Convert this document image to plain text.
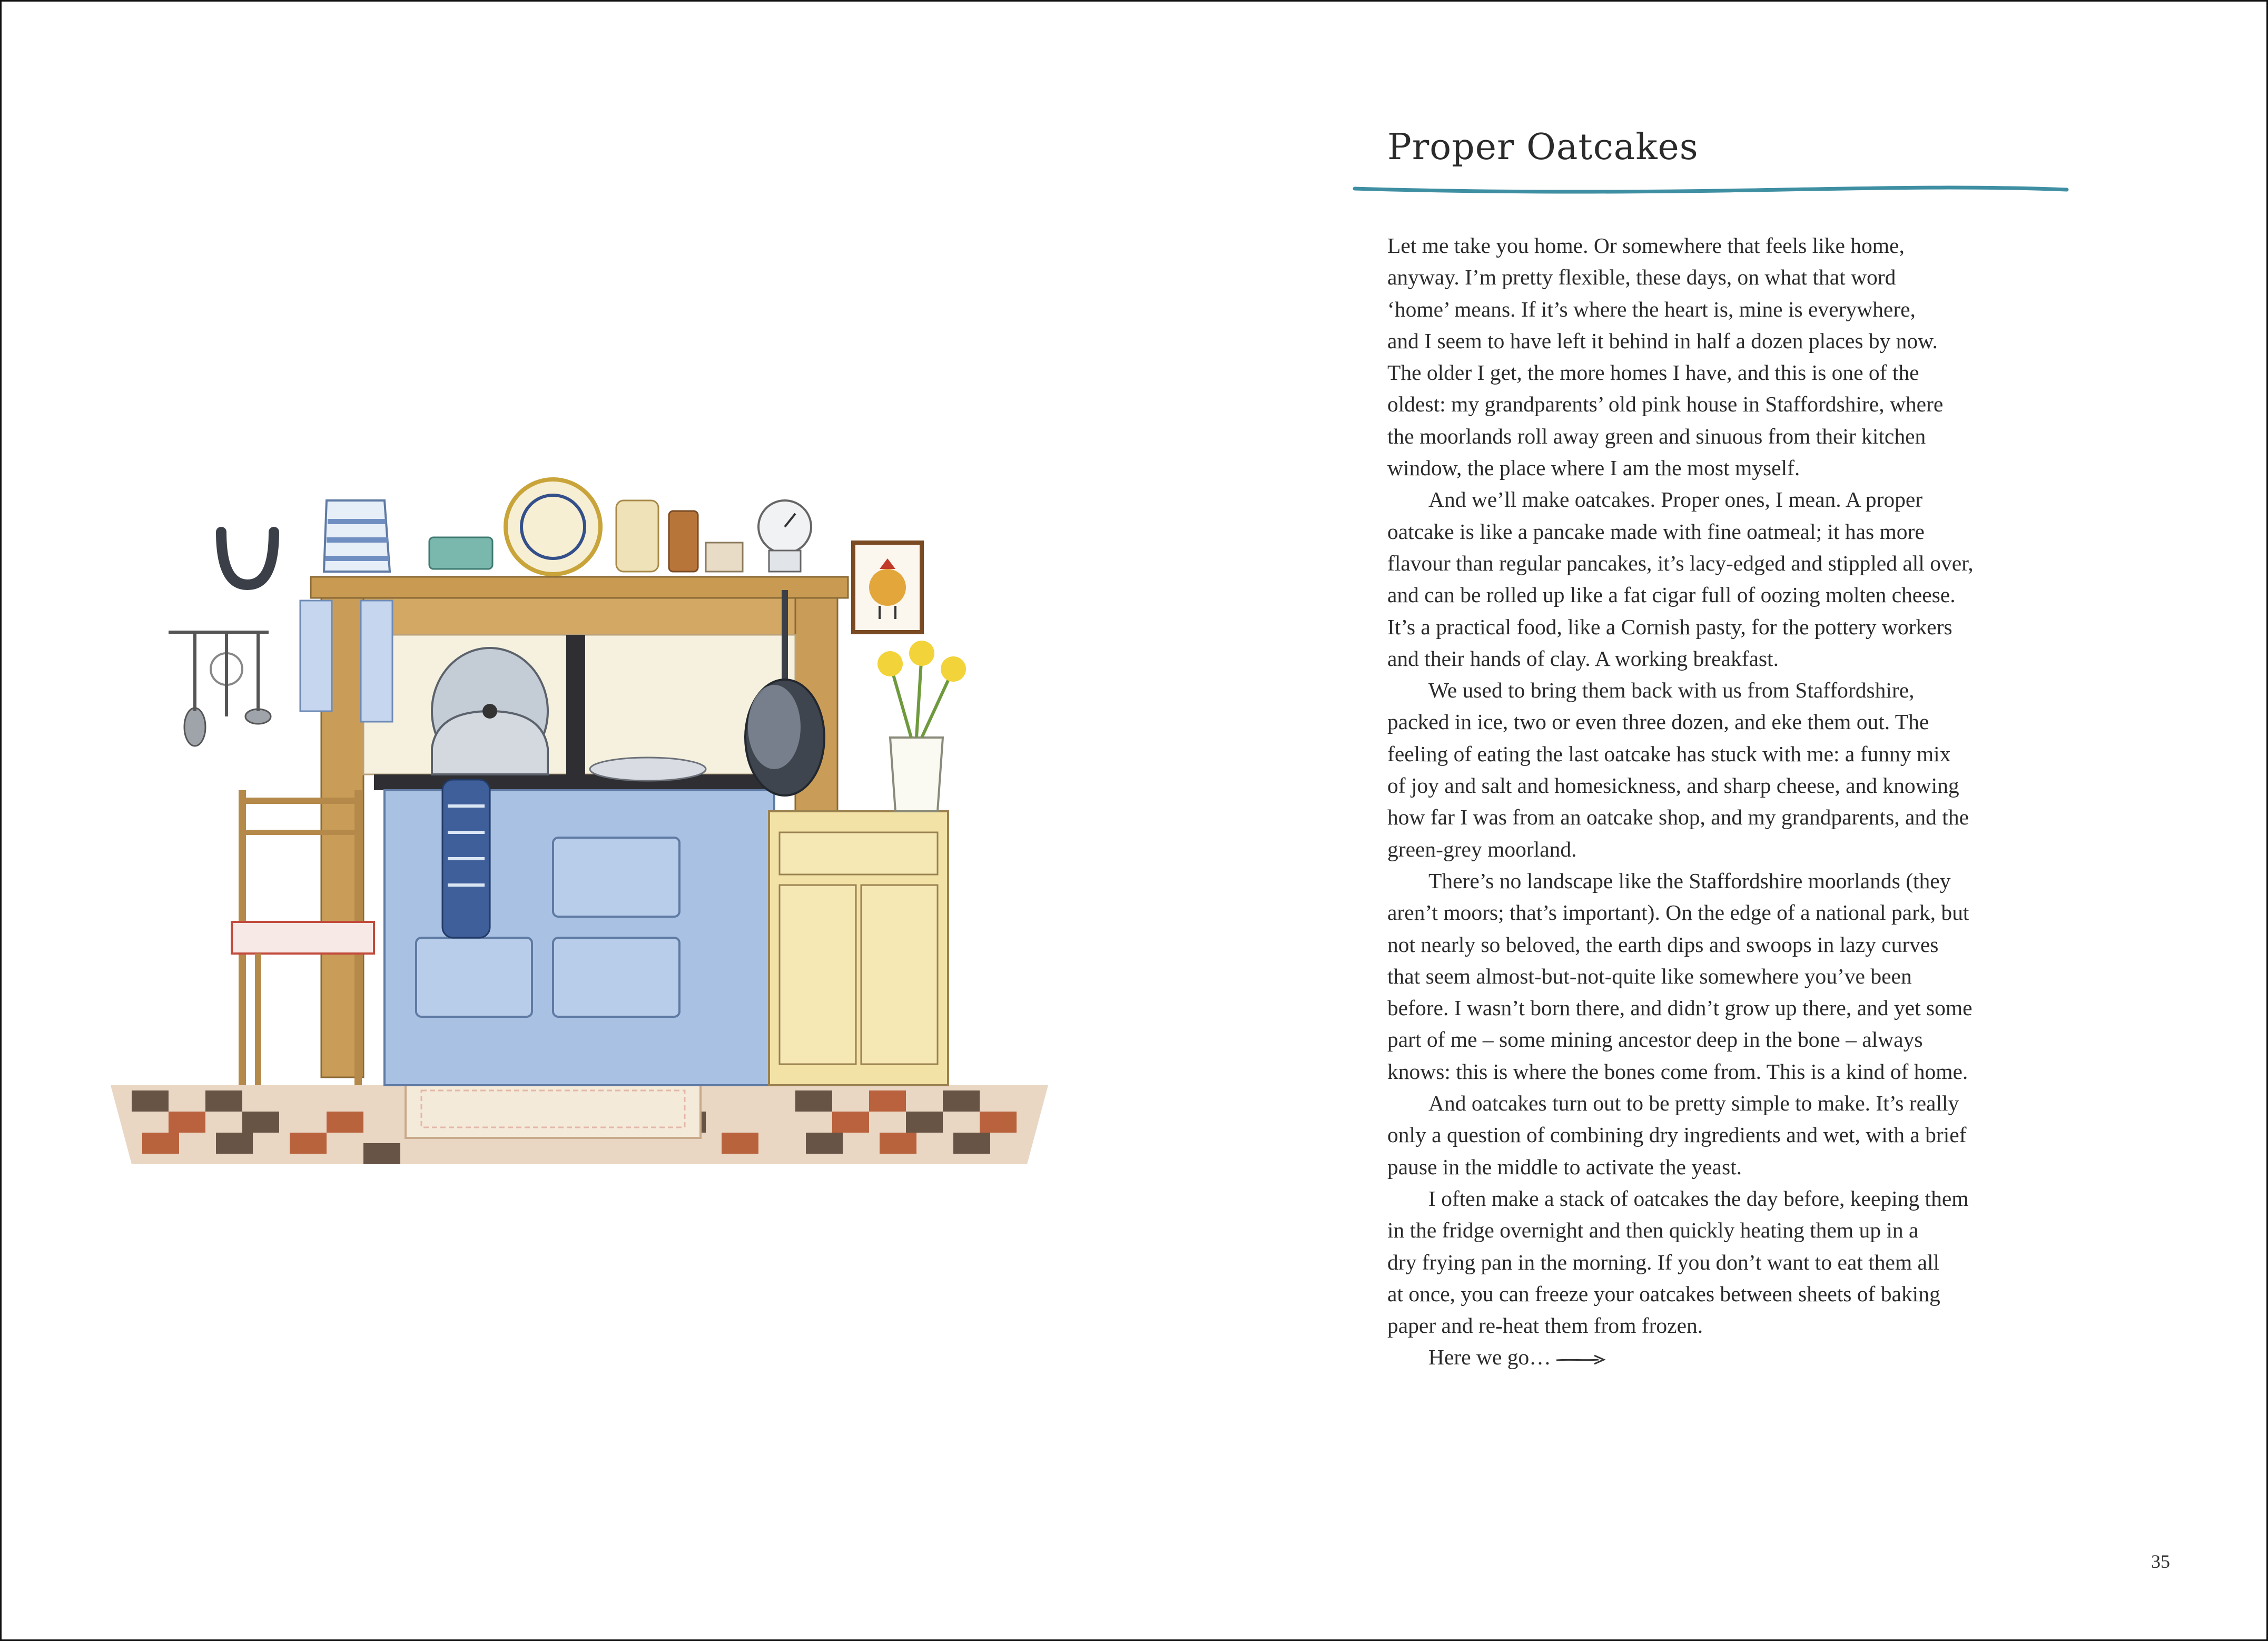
Proper Oatcakes

Let me take you home. Or somewhere that feels like home,
anyway. I’m pretty flexible, these days, on what that word
‘home’ means. If it’s where the heart is, mine is everywhere,
and I seem to have left it behind in half a dozen places by now.
The older I get, the more homes I have, and this is one of the
oldest: my grandparents’ old pink house in Staffordshire, where
the moorlands roll away green and sinuous from their kitchen
window, the place where I am the most myself.

And we’ll make oatcakes. Proper ones, I mean. A proper
oatcake is like a pancake made with fine oatmeal; it has more
flavour than regular pancakes, it’s lacy-edged and stippled all over,
and can be rolled up like a fat cigar full of oozing molten cheese.
It’s a practical food, like a Cornish pasty, for the pottery workers
and their hands of clay. A working breakfast.

We used to bring them back with us from Staffordshire,
packed in ice, two or even three dozen, and eke them out. The
feeling of eating the last oatcake has stuck with me: a funny mix
of joy and salt and homesickness, and sharp cheese, and knowing
how far I was from an oatcake shop, and my grandparents, and the
green-grey moorland.

There’s no landscape like the Staffordshire moorlands (they
aren’t moors; that’s important). On the edge of a national park, but
not nearly so beloved, the earth dips and swoops in lazy curves
that seem almost-but-not-quite like somewhere you’ve been
before. I wasn’t born there, and didn’t grow up there, and yet some
part of me – some mining ancestor deep in the bone – always
knows: this is where the bones come from. This is a kind of home.

And oatcakes turn out to be pretty simple to make. It’s really
only a question of combining dry ingredients and wet, with a brief
pause in the middle to activate the yeast.

I often make a stack of oatcakes the day before, keeping them
in the fridge overnight and then quickly heating them up in a
dry frying pan in the morning. If you don’t want to eat them all
at once, you can freeze your oatcakes between sheets of baking
paper and re-heat them from frozen.

Here we go…

35
